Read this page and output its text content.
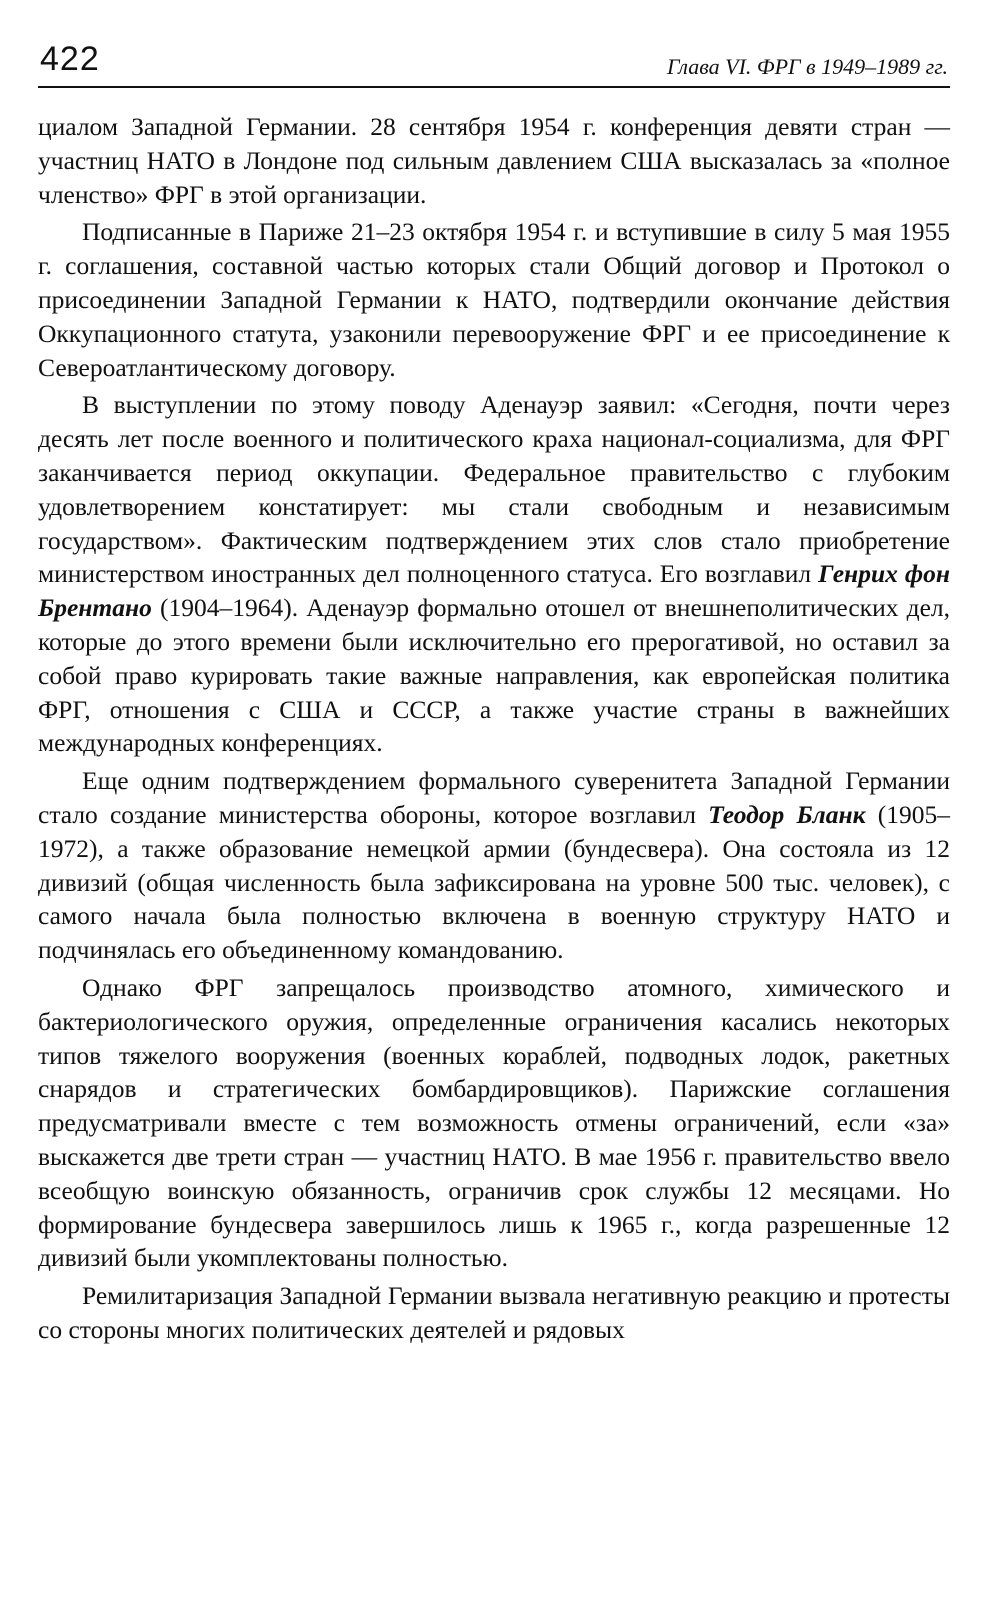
422	Глава VI. ФРГ в 1949–1989 гг.

циалом Западной Германии. 28 сентября 1954 г. конференция девяти стран — участниц НАТО в Лондоне под сильным давлением США высказалась за «полное членство» ФРГ в этой организации.

Подписанные в Париже 21–23 октября 1954 г. и вступившие в силу 5 мая 1955 г. соглашения, составной частью которых стали Общий договор и Протокол о присоединении Западной Германии к НАТО, подтвердили окончание действия Оккупационного статута, узаконили перевооружение ФРГ и ее присоединение к Североатлантическому договору.

В выступлении по этому поводу Аденауэр заявил: «Сегодня, почти через десять лет после военного и политического краха национал-социализма, для ФРГ заканчивается период оккупации. Федеральное правительство с глубоким удовлетворением констатирует: мы стали свободным и независимым государством». Фактическим подтверждением этих слов стало приобретение министерством иностранных дел полноценного статуса. Его возглавил Генрих фон Брентано (1904–1964). Аденауэр формально отошел от внешнеполитических дел, которые до этого времени были исключительно его прерогативой, но оставил за собой право курировать такие важные направления, как европейская политика ФРГ, отношения с США и СССР, а также участие страны в важнейших международных конференциях.

Еще одним подтверждением формального суверенитета Западной Германии стало создание министерства обороны, которое возглавил Теодор Бланк (1905–1972), а также образование немецкой армии (бундесвера). Она состояла из 12 дивизий (общая численность была зафиксирована на уровне 500 тыс. человек), с самого начала была полностью включена в военную структуру НАТО и подчинялась его объединенному командованию.

Однако ФРГ запрещалось производство атомного, химического и бактериологического оружия, определенные ограничения касались некоторых типов тяжелого вооружения (военных кораблей, подводных лодок, ракетных снарядов и стратегических бомбардировщиков). Парижские соглашения предусматривали вместе с тем возможность отмены ограничений, если «за» выскажется две трети стран — участниц НАТО. В мае 1956 г. правительство ввело всеобщую воинскую обязанность, ограничив срок службы 12 месяцами. Но формирование бундесвера завершилось лишь к 1965 г., когда разрешенные 12 дивизий были укомплектованы полностью.

Ремилитаризация Западной Германии вызвала негативную реакцию и протесты со стороны многих политических деятелей и рядовых
